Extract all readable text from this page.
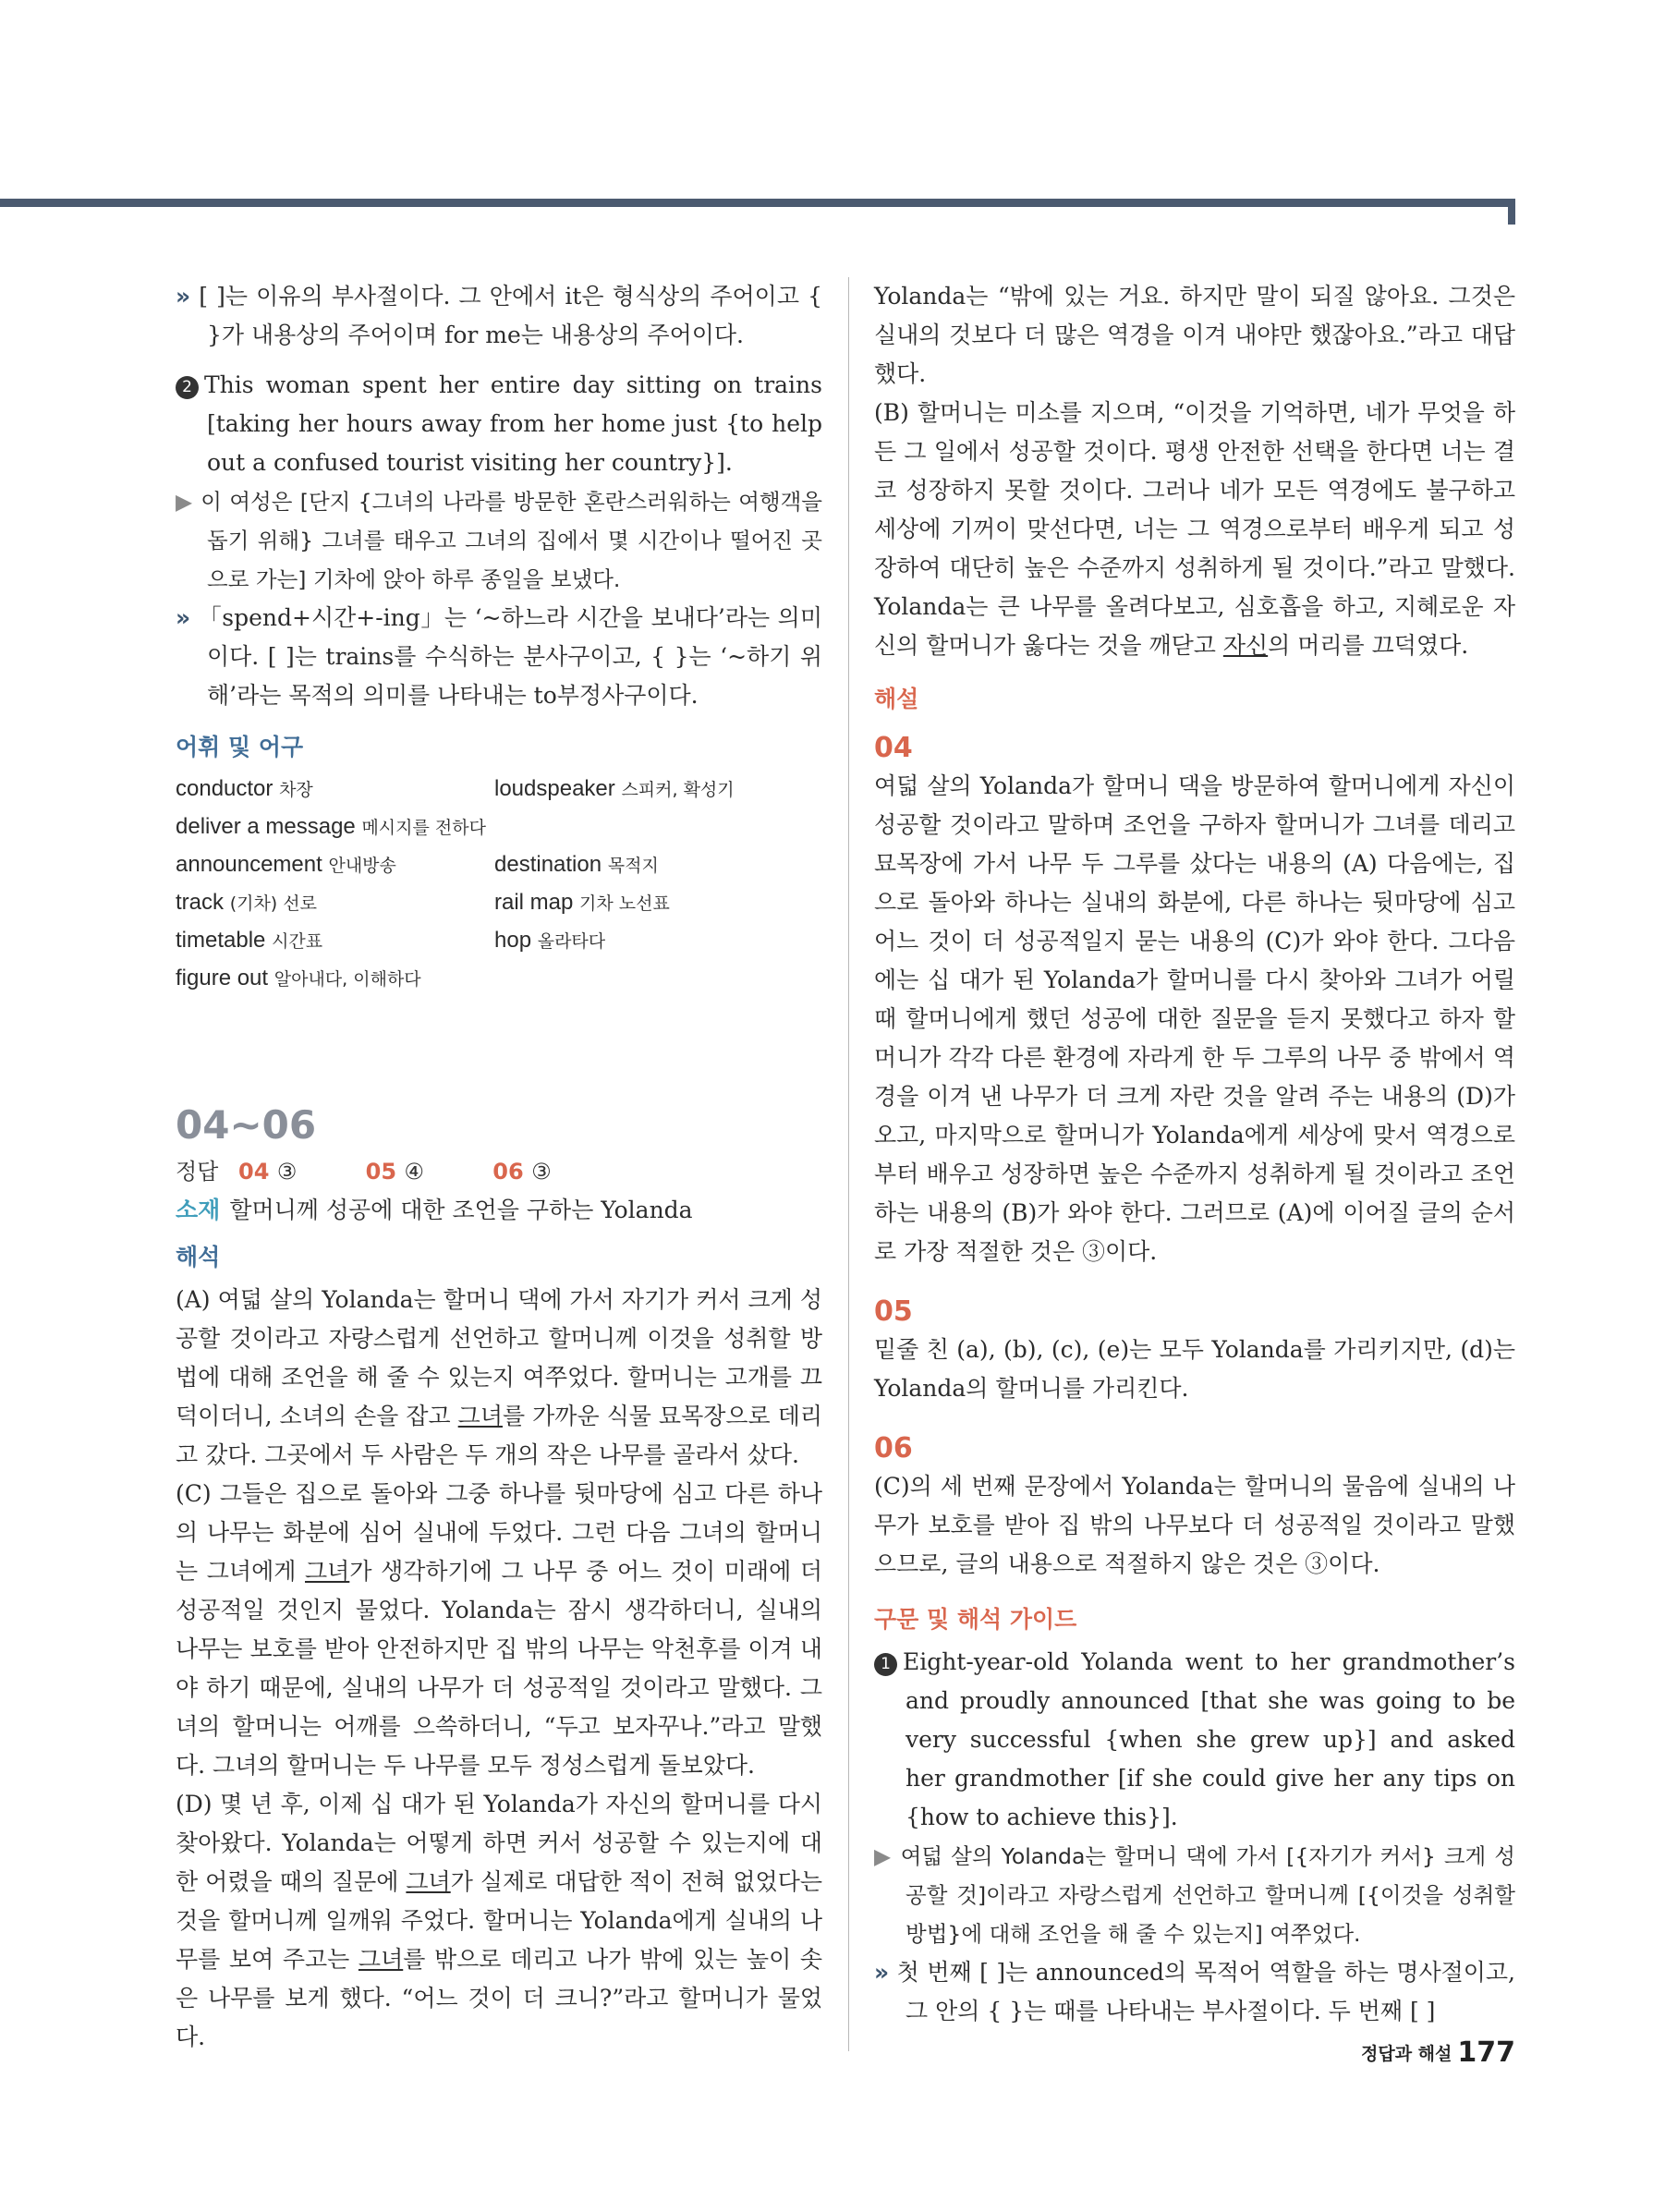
» [ ]는 이유의 부사절이다. 그 안에서 it은 형식상의 주어이고 { }가 내용상의 주어이며 for me는 내용상의 주어이다.

2 This woman spent her entire day sitting on trains [taking her hours away from her home just {to help out a confused tourist visiting her country}].

▶ 이 여성은 [단지 {그녀의 나라를 방문한 혼란스러워하는 여행객을 돕기 위해} 그녀를 태우고 그녀의 집에서 몇 시간이나 떨어진 곳으로 가는] 기차에 앉아 하루 종일을 보냈다.

» 「spend+시간+-ing」는 ‘~하느라 시간을 보내다’라는 의미이다. [ ]는 trains를 수식하는 분사구이고, { }는 ‘~하기 위해’라는 목적의 의미를 나타내는 to부정사구이다.

어휘 및 어구
conductor 차장	loudspeaker 스피커, 확성기
deliver a message 메시지를 전하다
announcement 안내방송	destination 목적지
track (기차) 선로	rail map 기차 노선표
timetable 시간표	hop 올라타다
figure out 알아내다, 이해하다
04~06
정답 04 ③	05 ④	06 ③
소재 할머니께 성공에 대한 조언을 구하는 Yolanda
해석

(A) 여덟 살의 Yolanda는 할머니 댁에 가서 자기가 커서 크게 성공할 것이라고 자랑스럽게 선언하고 할머니께 이것을 성취할 방법에 대해 조언을 해 줄 수 있는지 여쭈었다. 할머니는 고개를 끄덕이더니, 소녀의 손을 잡고 그녀를 가까운 식물 묘목장으로 데리고 갔다. 그곳에서 두 사람은 두 개의 작은 나무를 골라서 샀다.

(C) 그들은 집으로 돌아와 그중 하나를 뒷마당에 심고 다른 하나의 나무는 화분에 심어 실내에 두었다. 그런 다음 그녀의 할머니는 그녀에게 그녀가 생각하기에 그 나무 중 어느 것이 미래에 더 성공적일 것인지 물었다. Yolanda는 잠시 생각하더니, 실내의 나무는 보호를 받아 안전하지만 집 밖의 나무는 악천후를 이겨 내야 하기 때문에, 실내의 나무가 더 성공적일 것이라고 말했다. 그녀의 할머니는 어깨를 으쓱하더니, “두고 보자꾸나.”라고 말했다. 그녀의 할머니는 두 나무를 모두 정성스럽게 돌보았다.

(D) 몇 년 후, 이제 십 대가 된 Yolanda가 자신의 할머니를 다시 찾아왔다. Yolanda는 어떻게 하면 커서 성공할 수 있는지에 대한 어렸을 때의 질문에 그녀가 실제로 대답한 적이 전혀 없었다는 것을 할머니께 일깨워 주었다. 할머니는 Yolanda에게 실내의 나무를 보여 주고는 그녀를 밖으로 데리고 나가 밖에 있는 높이 솟은 나무를 보게 했다. “어느 것이 더 크니?”라고 할머니가 물었다.

Yolanda는 “밖에 있는 거요. 하지만 말이 되질 않아요. 그것은 실내의 것보다 더 많은 역경을 이겨 내야만 했잖아요.”라고 대답했다.

(B) 할머니는 미소를 지으며, “이것을 기억하면, 네가 무엇을 하든 그 일에서 성공할 것이다. 평생 안전한 선택을 한다면 너는 결코 성장하지 못할 것이다. 그러나 네가 모든 역경에도 불구하고 세상에 기꺼이 맞선다면, 너는 그 역경으로부터 배우게 되고 성장하여 대단히 높은 수준까지 성취하게 될 것이다.”라고 말했다. Yolanda는 큰 나무를 올려다보고, 심호흡을 하고, 지혜로운 자신의 할머니가 옳다는 것을 깨닫고 자신의 머리를 끄덕였다.

해설
04

여덟 살의 Yolanda가 할머니 댁을 방문하여 할머니에게 자신이 성공할 것이라고 말하며 조언을 구하자 할머니가 그녀를 데리고 묘목장에 가서 나무 두 그루를 샀다는 내용의 (A) 다음에는, 집으로 돌아와 하나는 실내의 화분에, 다른 하나는 뒷마당에 심고 어느 것이 더 성공적일지 묻는 내용의 (C)가 와야 한다. 그다음에는 십 대가 된 Yolanda가 할머니를 다시 찾아와 그녀가 어릴 때 할머니에게 했던 성공에 대한 질문을 듣지 못했다고 하자 할머니가 각각 다른 환경에 자라게 한 두 그루의 나무 중 밖에서 역경을 이겨 낸 나무가 더 크게 자란 것을 알려 주는 내용의 (D)가 오고, 마지막으로 할머니가 Yolanda에게 세상에 맞서 역경으로부터 배우고 성장하면 높은 수준까지 성취하게 될 것이라고 조언하는 내용의 (B)가 와야 한다. 그러므로 (A)에 이어질 글의 순서로 가장 적절한 것은 ③이다.

05

밑줄 친 (a), (b), (c), (e)는 모두 Yolanda를 가리키지만, (d)는 Yolanda의 할머니를 가리킨다.

06

(C)의 세 번째 문장에서 Yolanda는 할머니의 물음에 실내의 나무가 보호를 받아 집 밖의 나무보다 더 성공적일 것이라고 말했으므로, 글의 내용으로 적절하지 않은 것은 ③이다.

구문 및 해석 가이드

1 Eight-year-old Yolanda went to her grandmother’s and proudly announced [that she was going to be very successful {when she grew up}] and asked her grandmother [if she could give her any tips on {how to achieve this}].

▶ 여덟 살의 Yolanda는 할머니 댁에 가서 [{자기가 커서} 크게 성공할 것]이라고 자랑스럽게 선언하고 할머니께 [{이것을 성취할 방법}에 대해 조언을 해 줄 수 있는지] 여쭈었다.

» 첫 번째 [ ]는 announced의 목적어 역할을 하는 명사절이고, 그 안의 { }는 때를 나타내는 부사절이다. 두 번째 [ ]

정답과 해설 177
